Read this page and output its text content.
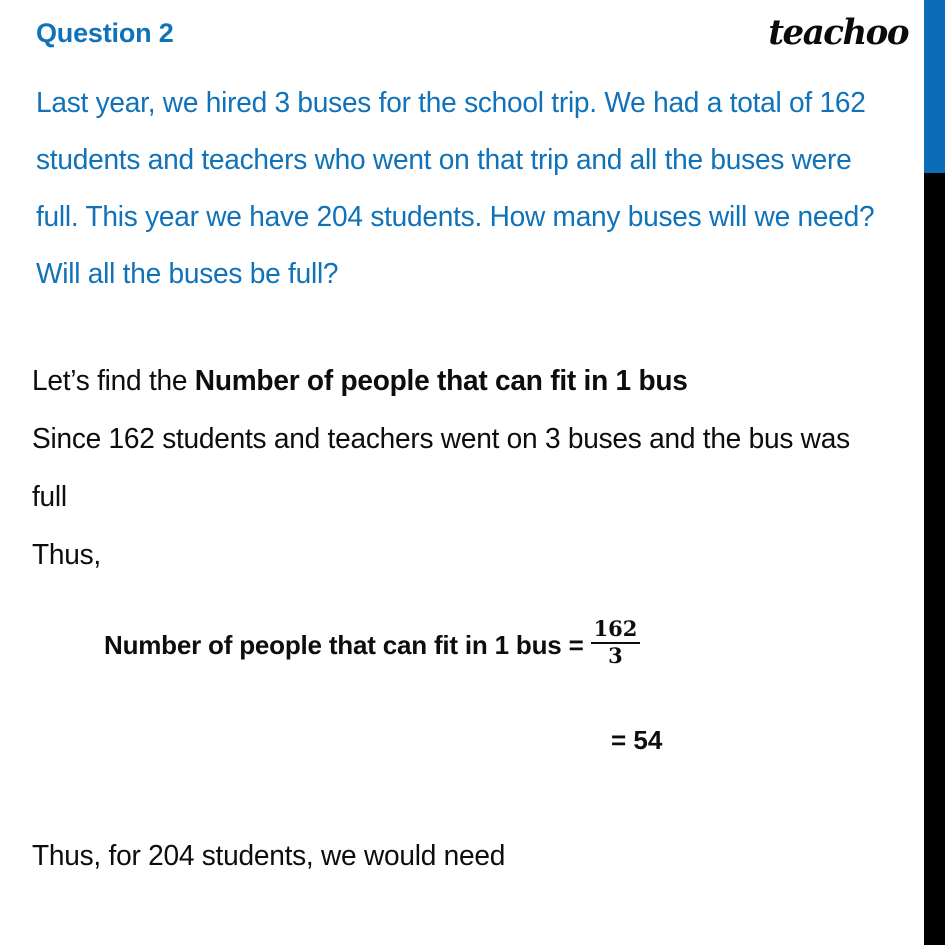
Question 2	teachoo
Last year, we hired 3 buses for the school trip. We had a total of 162
students and teachers who went on that trip and all the buses were
full. This year we have 204 students. How many buses will we need?
Will all the buses be full?
Let’s find the Number of people that can fit in 1 bus
Since 162 students and teachers went on 3 buses and the bus was
full
Thus,
Number of people that can fit in 1 bus = $\frac{162}{3}$
= 54
Thus, for 204 students, we would need
